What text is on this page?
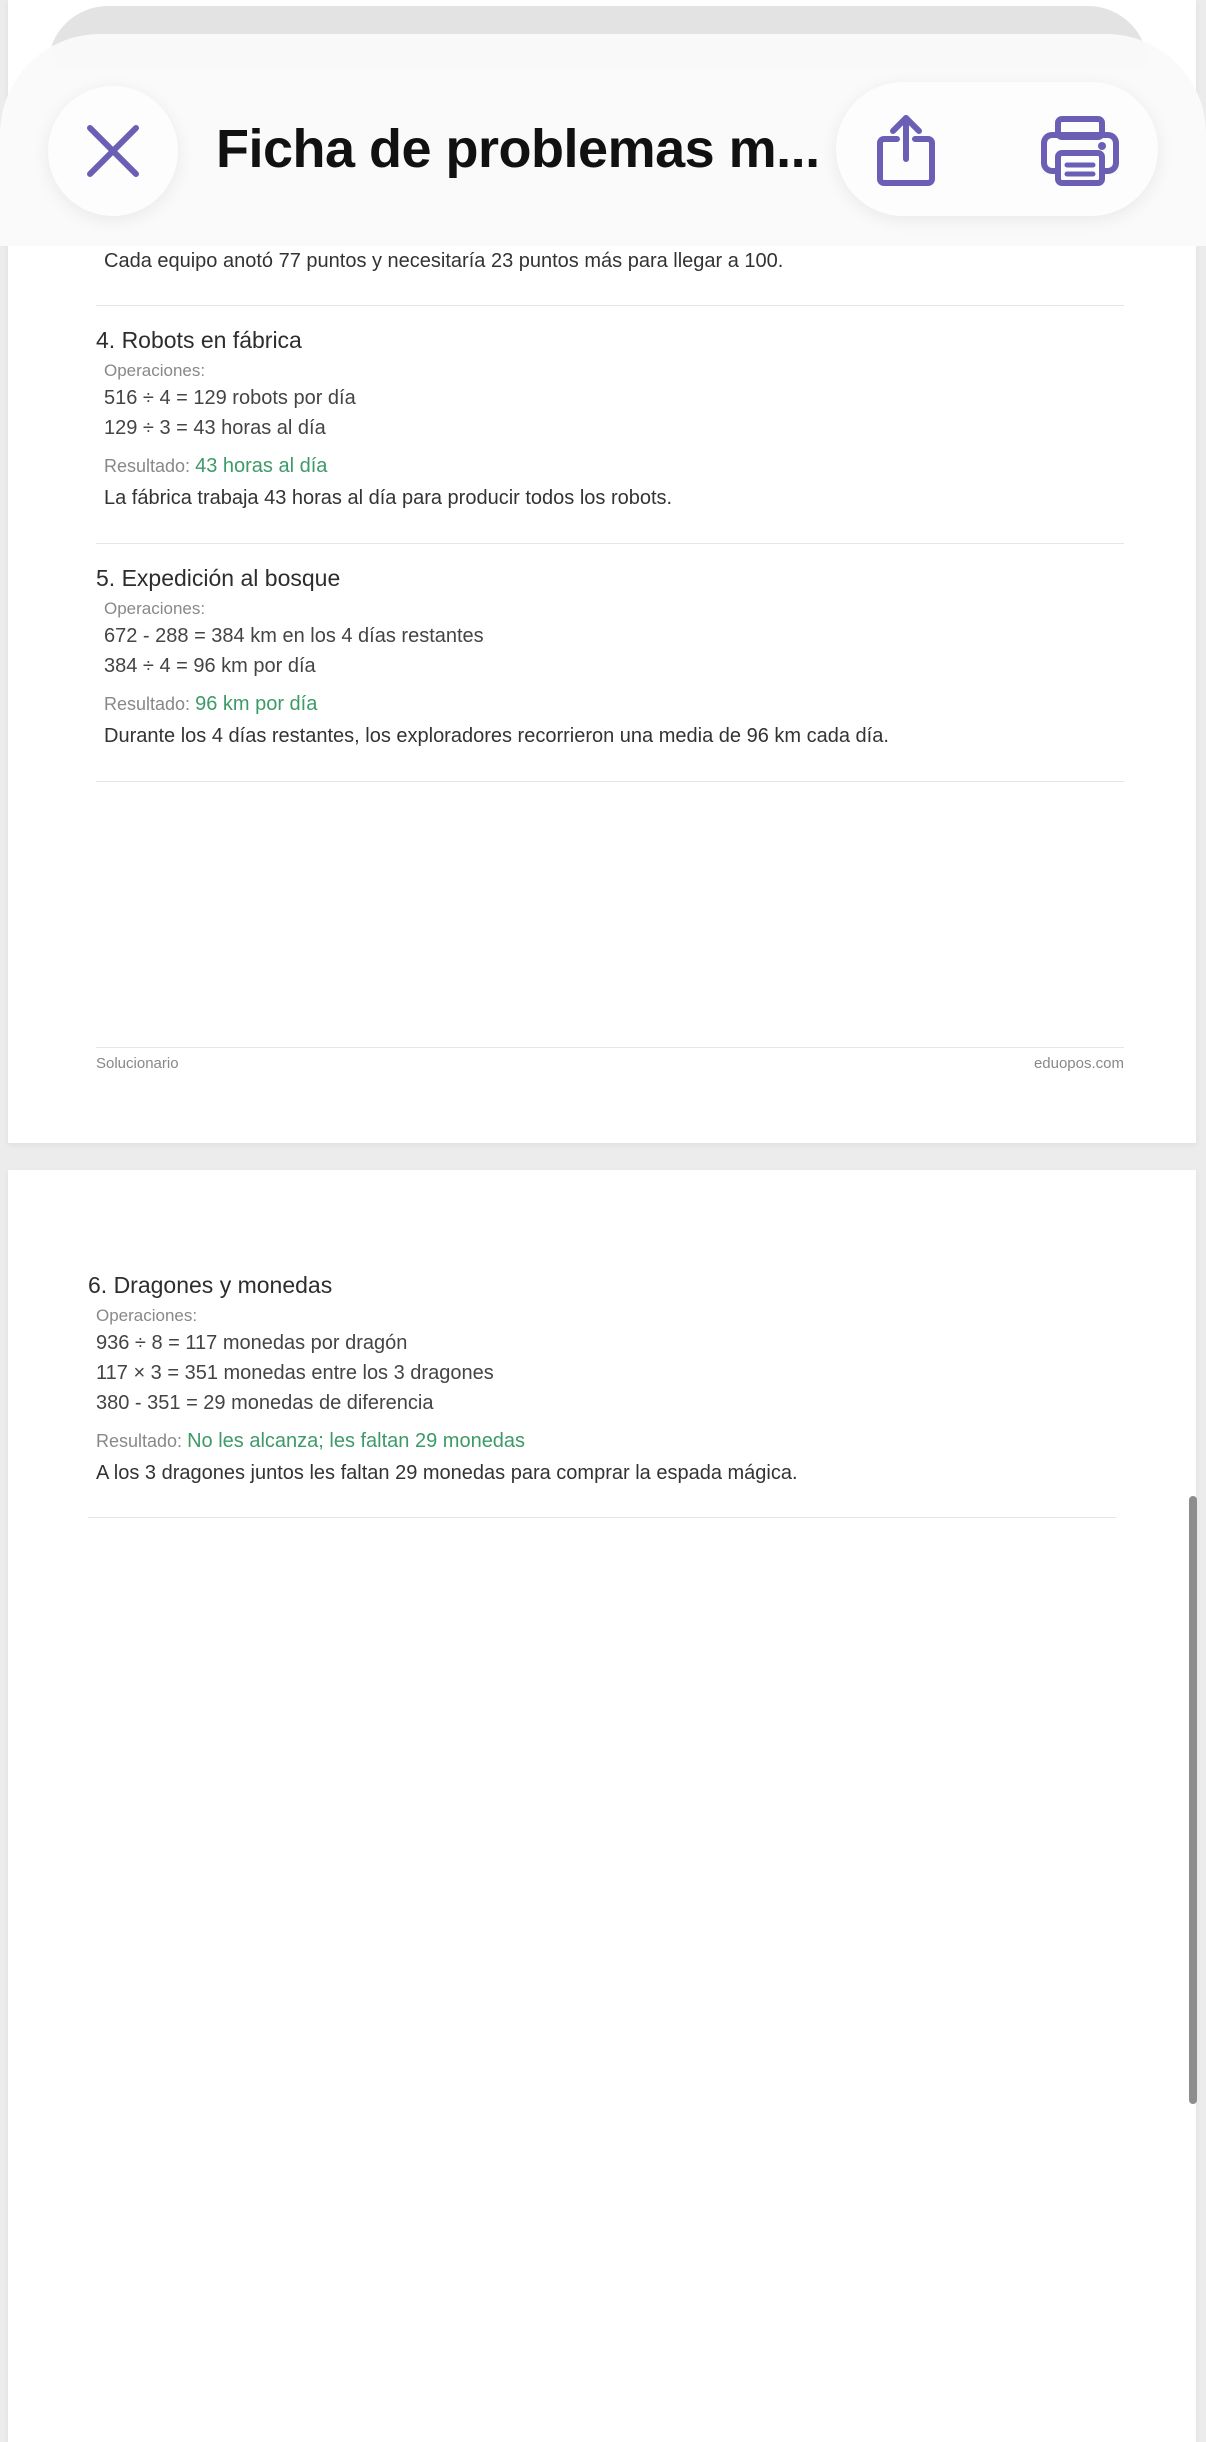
Cada equipo anotó 77 puntos y necesitaría 23 puntos más para llegar a 100.
4. Robots en fábrica
Operaciones:
516 ÷ 4 = 129 robots por día
129 ÷ 3 = 43 horas al día
Resultado: 43 horas al día
La fábrica trabaja 43 horas al día para producir todos los robots.
5. Expedición al bosque
Operaciones:
672 - 288 = 384 km en los 4 días restantes
384 ÷ 4 = 96 km por día
Resultado: 96 km por día
Durante los 4 días restantes, los exploradores recorrieron una media de 96 km cada día.
Solucionario	eduopos.com
6. Dragones y monedas
Operaciones:
936 ÷ 8 = 117 monedas por dragón
117 × 3 = 351 monedas entre los 3 dragones
380 - 351 = 29 monedas de diferencia
Resultado: No les alcanza; les faltan 29 monedas
A los 3 dragones juntos les faltan 29 monedas para comprar la espada mágica.
Ficha de problemas m...
